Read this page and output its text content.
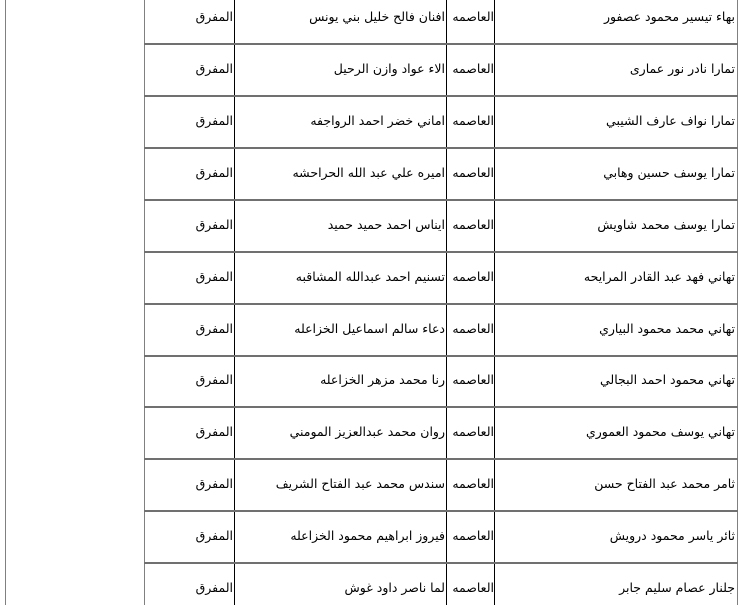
بهاء تيسير محمود عصفور
العاصمه
افنان فالح خليل بني يونس
المفرق
تمارا نادر نور عمارى
العاصمه
الاء عواد وازن الرحيل
المفرق
تمارا نواف عارف الشيبي
العاصمه
اماني خضر احمد الرواجفه
المفرق
تمارا يوسف حسين وهابي
العاصمه
اميره علي عبد الله الحراحشه
المفرق
تمارا يوسف محمد شاويش
العاصمه
ايناس احمد حميد حميد
المفرق
تهاني فهد عبد القادر المرايحه
العاصمه
تسنيم احمد عبدالله المشاقبه
المفرق
تهاني محمد محمود البياري
العاصمه
دعاء سالم اسماعيل الخزاعله
المفرق
تهاني محمود احمد البجالي
العاصمه
رنا محمد مزهر الخزاعله
المفرق
تهاني يوسف محمود العموري
العاصمه
روان محمد عبدالعزيز المومني
المفرق
ثامر محمد عبد الفتاح حسن
العاصمه
سندس محمد عبد الفتاح الشريف
المفرق
ثائر ياسر محمود درويش
العاصمه
فيروز ابراهيم محمود الخزاعله
المفرق
جلنار عصام سليم جابر
العاصمه
لما ناصر داود غوش
المفرق
